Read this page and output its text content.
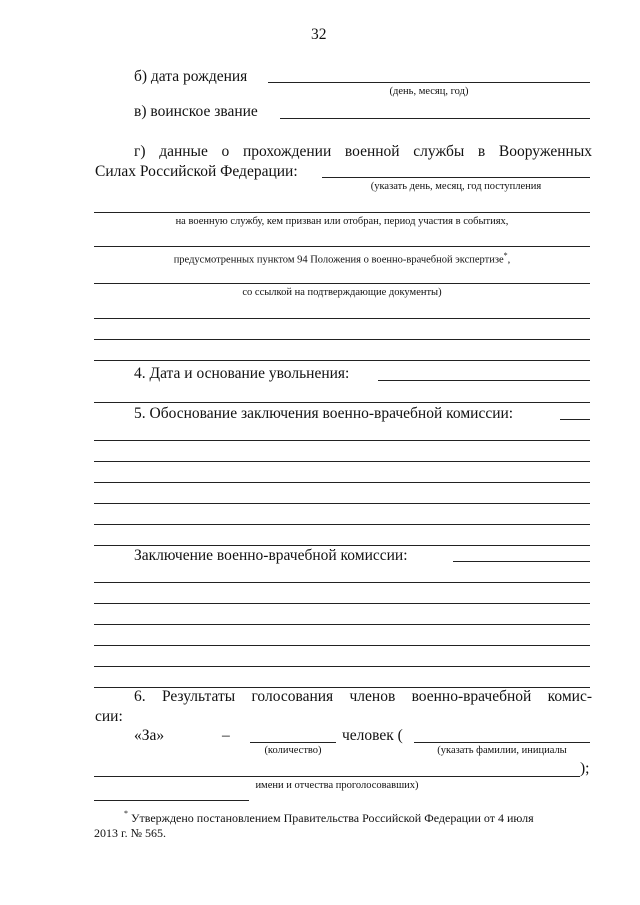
32
б) дата рождения
(день, месяц, год)
в) воинское звание
г) данные о прохождении военной службы в Вооруженных
Силах Российской Федерации:
(указать день, месяц, год поступления
на военную службу, кем призван или отобран, период участия в событиях,
предусмотренных пунктом 94 Положения о военно-врачебной экспертизе*,
со ссылкой на подтверждающие документы)
4. Дата и основание увольнения:
5. Обоснование заключения военно-врачебной комиссии:
Заключение военно-врачебной комиссии:
6. Результаты голосования членов военно-врачебной комис-
сии:
«За»	–
(количество)
человек (
(указать фамилии, инициалы
);
имени и отчества проголосовавших)
* Утверждено постановлением Правительства Российской Федерации от 4 июля
2013 г. № 565.
